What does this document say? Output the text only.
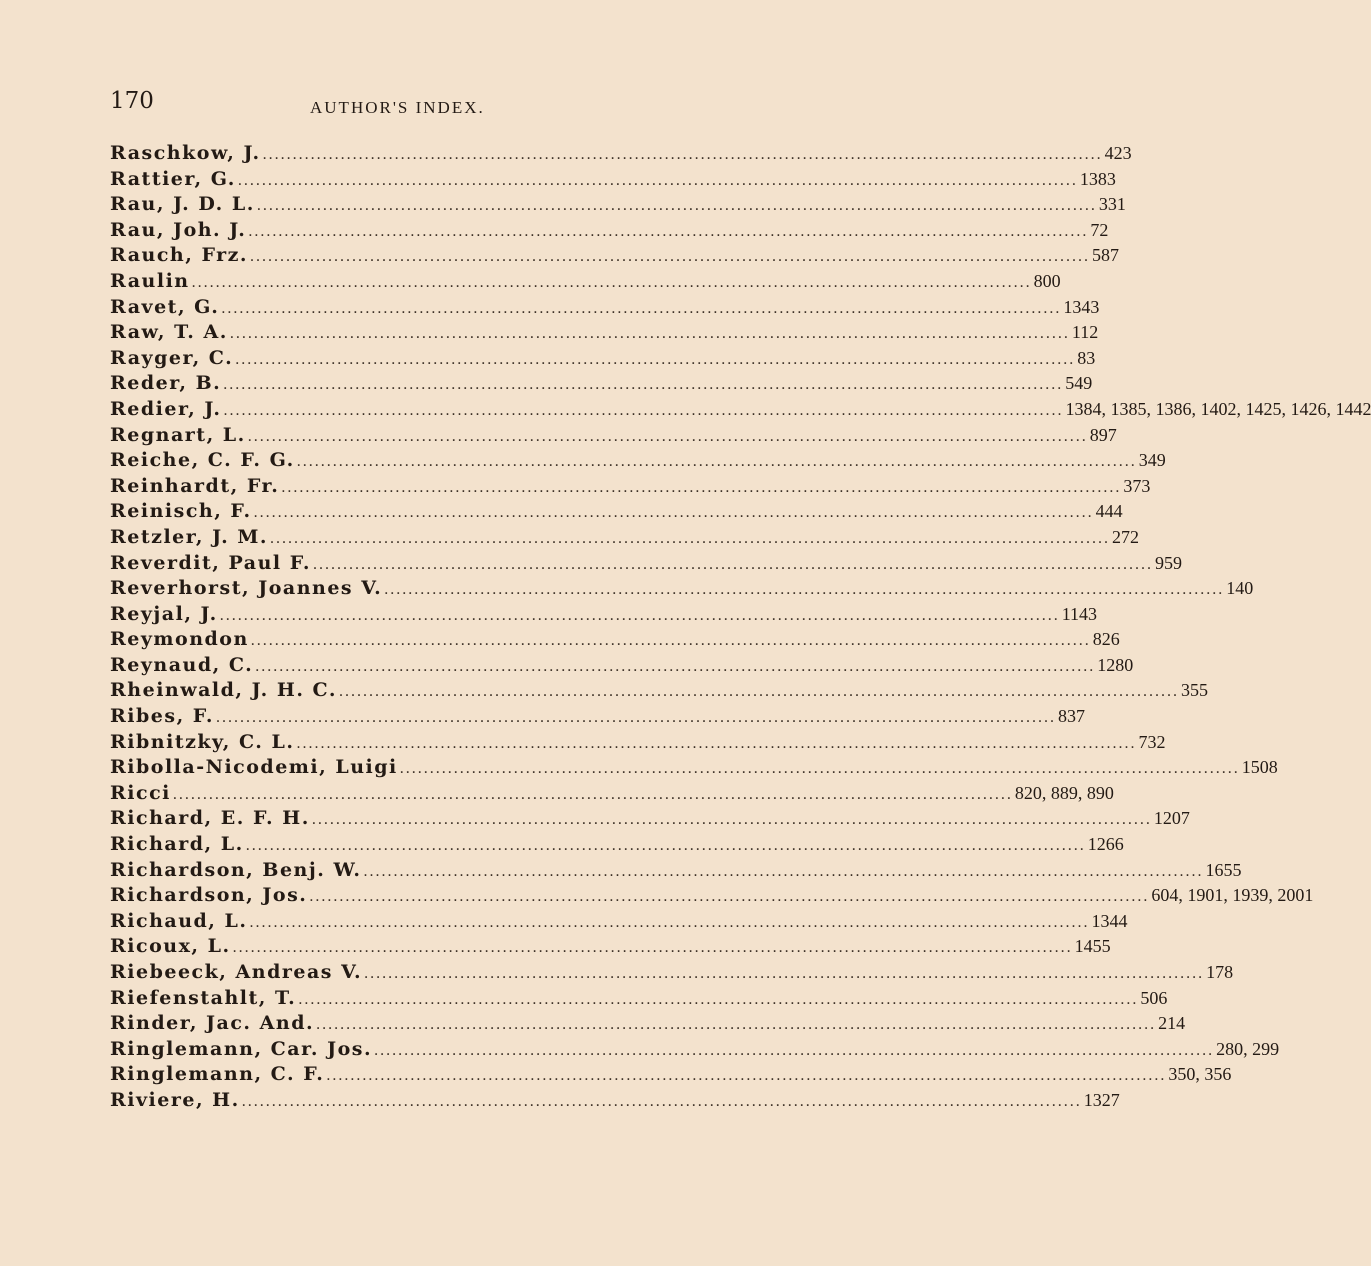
170	AUTHOR'S INDEX.
Raschkow, J. ............................................................................................................................................ 423
Rattier, G. ............................................................................................................................................ 1383
Rau, J. D. L. ............................................................................................................................................ 331
Rau, Joh. J. ............................................................................................................................................ 72
Rauch, Frz. ............................................................................................................................................ 587
Raulin ............................................................................................................................................ 800
Ravet, G. ............................................................................................................................................ 1343
Raw, T. A. ............................................................................................................................................ 112
Rayger, C. ............................................................................................................................................ 83
Reder, B. ............................................................................................................................................ 549
Redier, J. ............................................................................................................................................ 1384, 1385, 1386, 1402, 1425, 1426, 1442
Regnart, L. ............................................................................................................................................ 897
Reiche, C. F. G. ............................................................................................................................................ 349
Reinhardt, Fr. ............................................................................................................................................ 373
Reinisch, F. ............................................................................................................................................ 444
Retzler, J. M. ............................................................................................................................................ 272
Reverdit, Paul F. ............................................................................................................................................ 959
Reverhorst, Joannes V. ............................................................................................................................................ 140
Reyjal, J. ............................................................................................................................................ 1143
Reymondon ............................................................................................................................................ 826
Reynaud, C. ............................................................................................................................................ 1280
Rheinwald, J. H. C. ............................................................................................................................................ 355
Ribes, F. ............................................................................................................................................ 837
Ribnitzky, C. L. ............................................................................................................................................ 732
Ribolla-Nicodemi, Luigi ............................................................................................................................................ 1508
Ricci ............................................................................................................................................ 820, 889, 890
Richard, E. F. H. ............................................................................................................................................ 1207
Richard, L. ............................................................................................................................................ 1266
Richardson, Benj. W. ............................................................................................................................................ 1655
Richardson, Jos. ............................................................................................................................................ 604, 1901, 1939, 2001
Richaud, L. ............................................................................................................................................ 1344
Ricoux, L. ............................................................................................................................................ 1455
Riebeeck, Andreas V. ............................................................................................................................................ 178
Riefenstahlt, T. ............................................................................................................................................ 506
Rinder, Jac. And. ............................................................................................................................................ 214
Ringlemann, Car. Jos. ............................................................................................................................................ 280, 299
Ringlemann, C. F. ............................................................................................................................................ 350, 356
Riviere, H. ............................................................................................................................................ 1327
